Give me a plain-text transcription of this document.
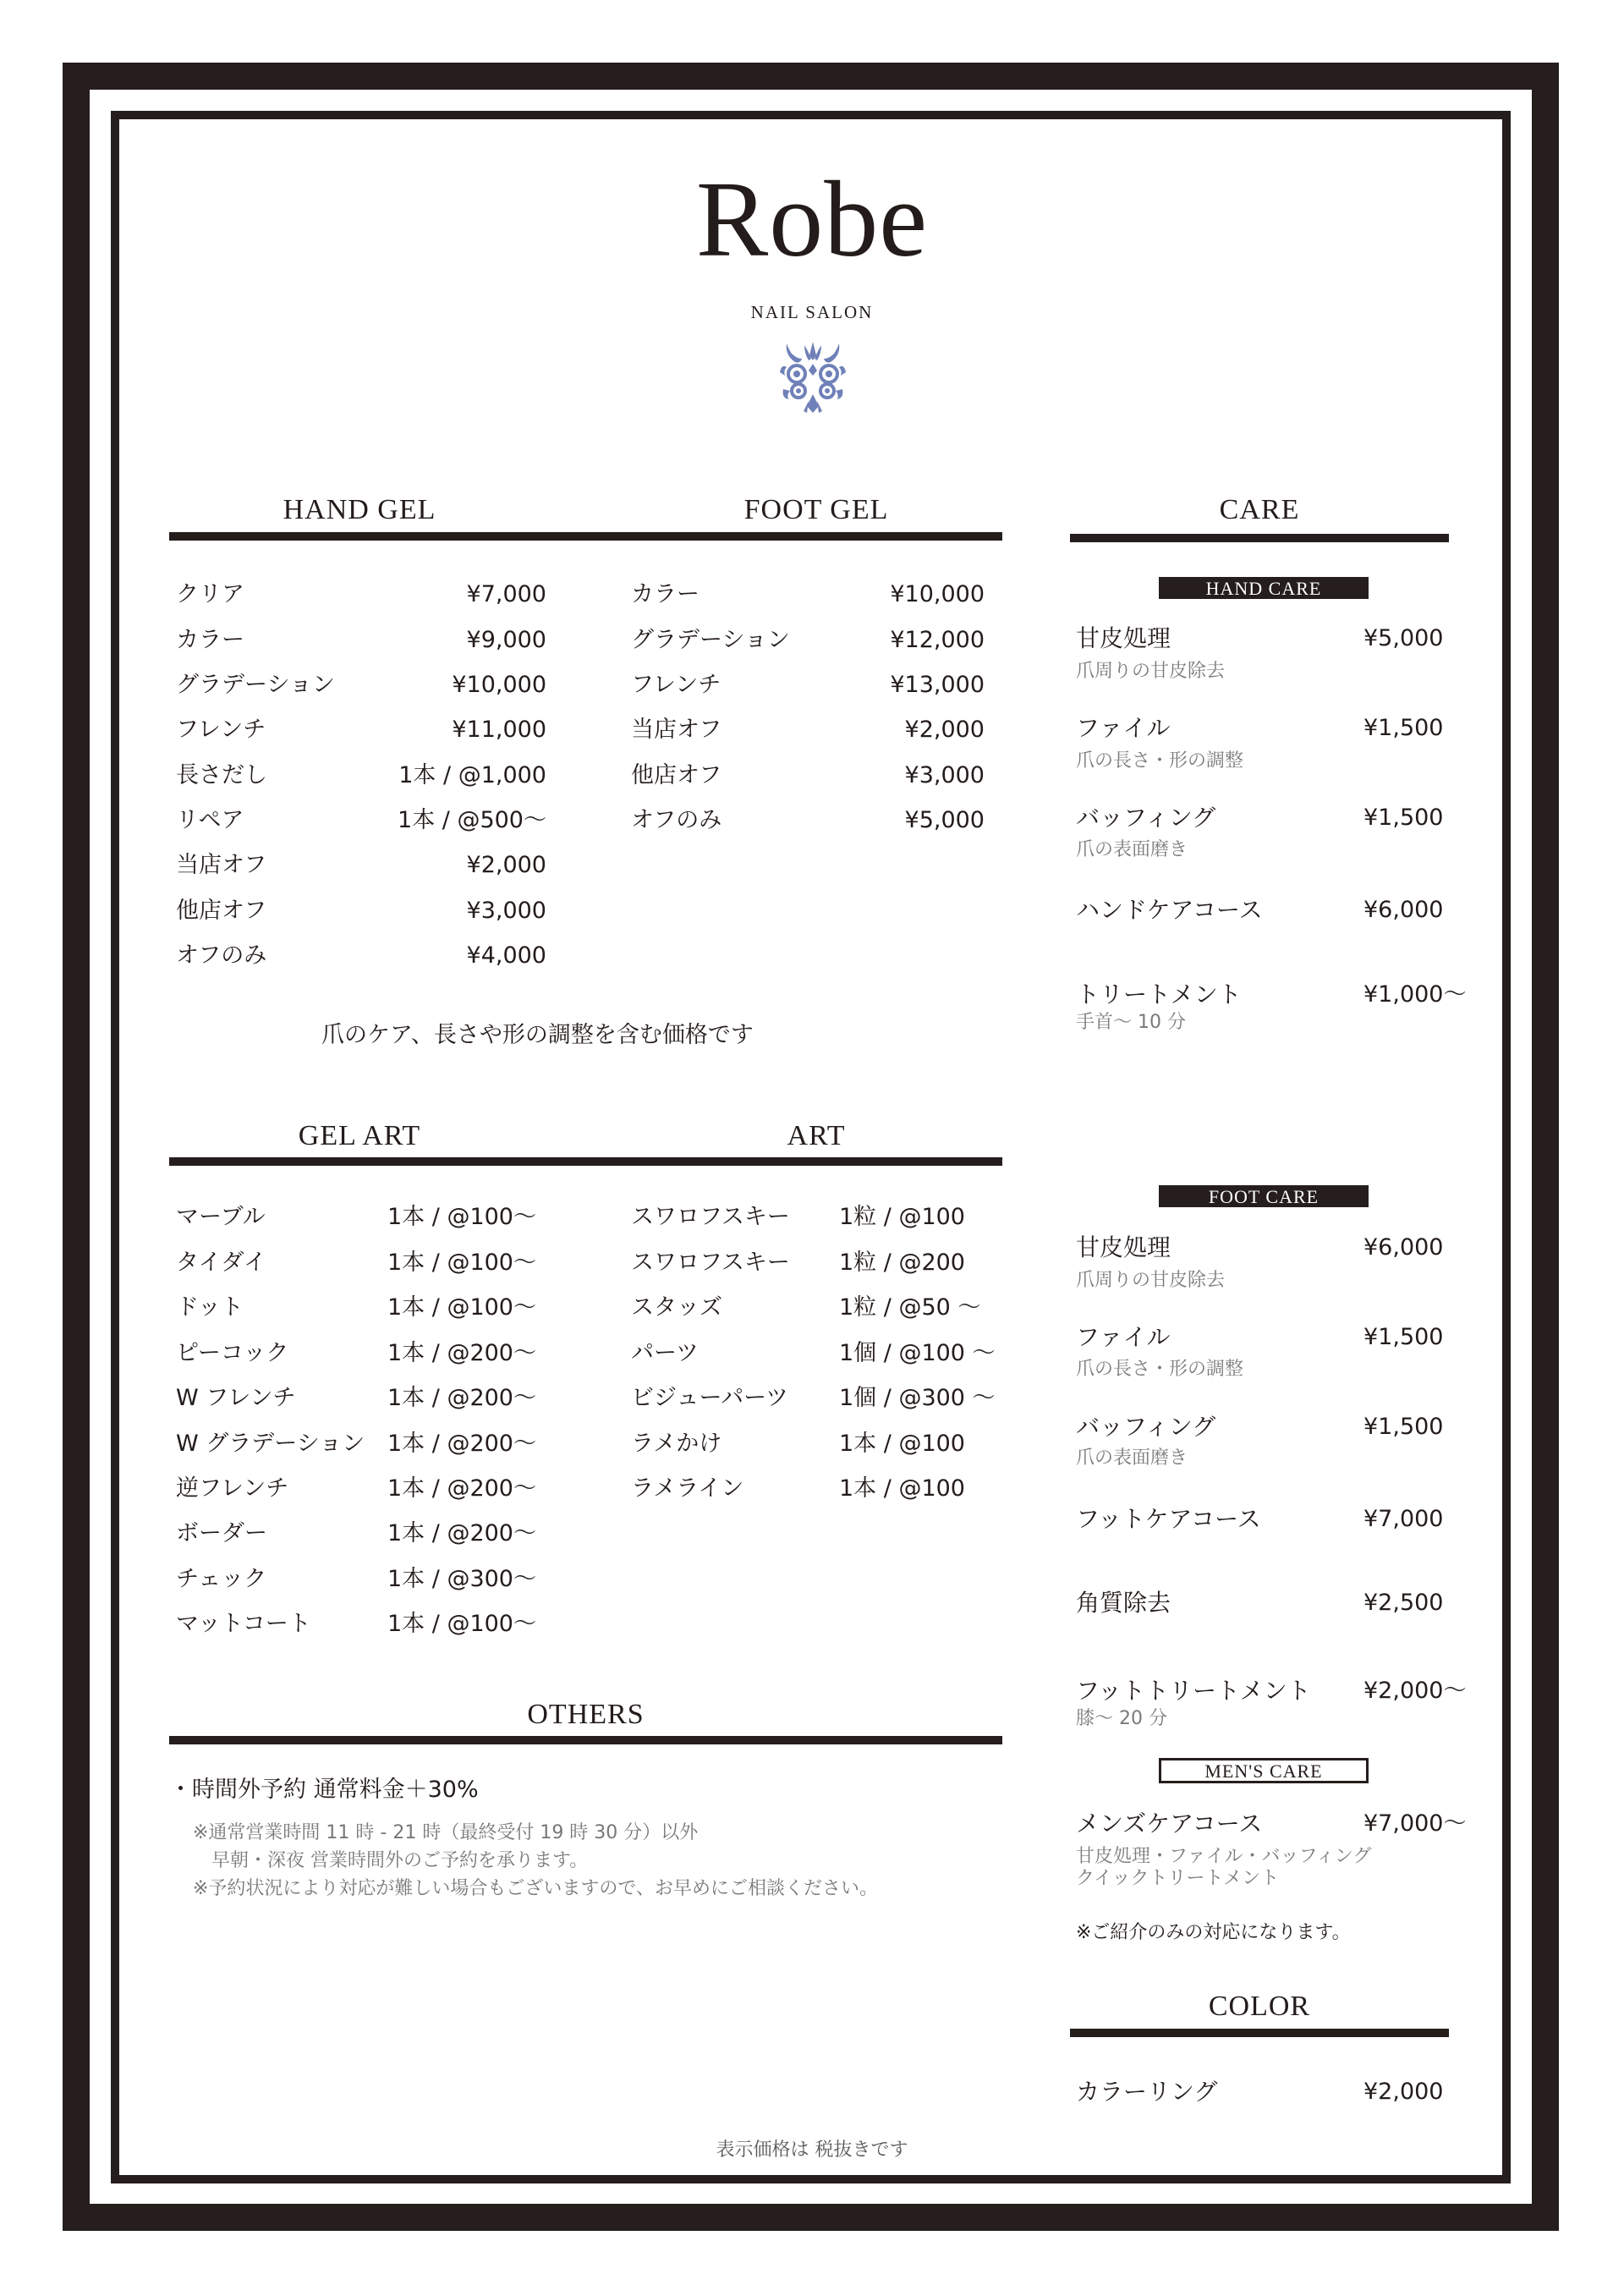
Robe
NAIL SALON
HAND GEL	FOOT GEL
クリア	¥7,000
カラー	¥9,000
グラデーション	¥10,000
フレンチ	¥11,000
長さだし	1本 / @1,000
リペア	1本 / @500〜
当店オフ	¥2,000
他店オフ	¥3,000
オフのみ	¥4,000
カラー	¥10,000
グラデーション	¥12,000
フレンチ	¥13,000
当店オフ	¥2,000
他店オフ	¥3,000
オフのみ	¥5,000
爪のケア、長さや形の調整を含む価格です
GEL ART	ART
マーブル	1本 / @100〜
タイダイ	1本 / @100〜
ドット	1本 / @100〜
ピーコック	1本 / @200〜
W フレンチ	1本 / @200〜
W グラデーション 1本 / @200〜
逆フレンチ	1本 / @200〜
ボーダー	1本 / @200〜
チェック	1本 / @300〜
マットコート	1本 / @100〜
スワロフスキー 1粒 / @100
スワロフスキー 1粒 / @200
スタッズ	1粒 / @50 〜
パーツ	1個 / @100 〜
ビジューパーツ 1個 / @300 〜
ラメかけ	1本 / @100
ラメライン	1本 / @100
OTHERS
・時間外予約 通常料金＋30%
※通常営業時間 11 時 - 21 時（最終受付 19 時 30 分）以外
　早朝・深夜 営業時間外のご予約を承ります。
※予約状況により対応が難しい場合もございますので、お早めにご相談ください。
CARE
HAND CARE
甘皮処理	¥5,000
爪周りの甘皮除去
ファイル	¥1,500
爪の長さ・形の調整
バッフィング	¥1,500
爪の表面磨き
ハンドケアコース	¥6,000
トリートメント	¥1,000〜
手首〜 10 分
FOOT CARE
甘皮処理	¥6,000
爪周りの甘皮除去
ファイル	¥1,500
爪の長さ・形の調整
バッフィング	¥1,500
爪の表面磨き
フットケアコース	¥7,000
角質除去	¥2,500
フットトリートメント ¥2,000〜
膝〜 20 分
MEN'S CARE
メンズケアコース	¥7,000〜
甘皮処理・ファイル・バッフィング
クイックトリートメント
※ご紹介のみの対応になります。
COLOR
カラーリング	¥2,000
表示価格は 税抜きです
